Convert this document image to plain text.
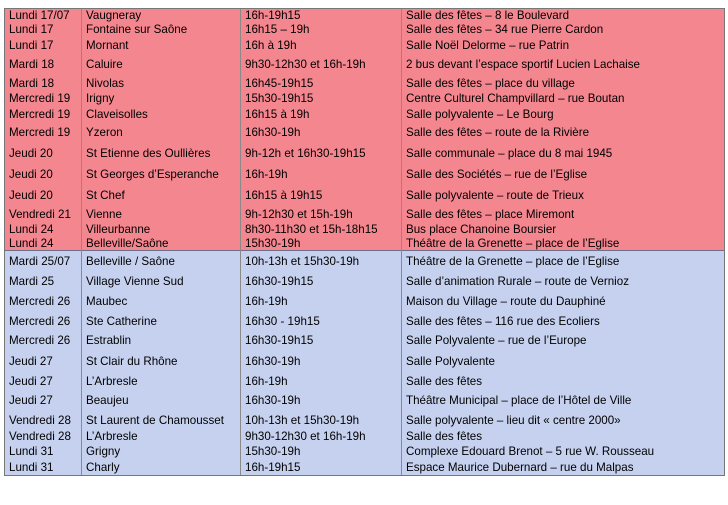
Lundi 17/07	Vaugneray	16h-19h15	Salle des fêtes – 8 le Boulevard
Lundi 17	Fontaine sur Saône	16h15 – 19h	Salle des fêtes – 34 rue Pierre Cardon
Lundi 17	Mornant	16h à 19h	Salle Noël Delorme – rue Patrin
Mardi 18	Caluire	9h30-12h30 et 16h-19h	2 bus devant l’espace sportif Lucien Lachaise
Mardi 18	Nivolas	16h45-19h15	Salle des fêtes – place du village
Mercredi 19	Irigny	15h30-19h15	Centre Culturel Champvillard – rue Boutan
Mercredi 19	Claveisolles	16h15 à 19h	Salle polyvalente – Le Bourg
Mercredi 19	Yzeron	16h30-19h	Salle des fêtes – route de la Rivière
Jeudi 20	St Etienne des Oullières	9h-12h et 16h30-19h15	Salle communale – place du 8 mai 1945
Jeudi 20	St Georges d’Esperanche	16h-19h	Salle des Sociétés – rue de l’Eglise
Jeudi 20	St Chef	16h15 à 19h15	Salle polyvalente – route de Trieux
Vendredi 21	Vienne	9h-12h30 et 15h-19h	Salle des fêtes – place Miremont
Lundi 24	Villeurbanne	8h30-11h30 et 15h-18h15	Bus place Chanoine Boursier
Lundi 24	Belleville/Saône	15h30-19h	Théâtre de la Grenette – place de l’Eglise
Mardi 25/07	Belleville / Saône	10h-13h et 15h30-19h	Théâtre de la Grenette – place de l’Eglise
Mardi 25	Village Vienne Sud	16h30-19h15	Salle d’animation Rurale – route de Vernioz
Mercredi 26	Maubec	16h-19h	Maison du Village – route du Dauphiné
Mercredi 26	Ste Catherine	16h30 - 19h15	Salle des fêtes – 116 rue des Ecoliers
Mercredi 26	Estrablin	16h30-19h15	Salle Polyvalente – rue de l’Europe
Jeudi 27	St Clair du Rhône	16h30-19h	Salle Polyvalente
Jeudi 27	L’Arbresle	16h-19h	Salle des fêtes
Jeudi 27	Beaujeu	16h30-19h	Théâtre Municipal – place de l’Hôtel de Ville
Vendredi 28	St Laurent de Chamousset	10h-13h et 15h30-19h	Salle polyvalente – lieu dit « centre 2000»
Vendredi 28	L’Arbresle	9h30-12h30 et 16h-19h	Salle des fêtes
Lundi 31	Grigny	15h30-19h	Complexe Edouard Brenot – 5 rue W. Rousseau
Lundi 31	Charly	16h-19h15	Espace Maurice Dubernard – rue du Malpas
